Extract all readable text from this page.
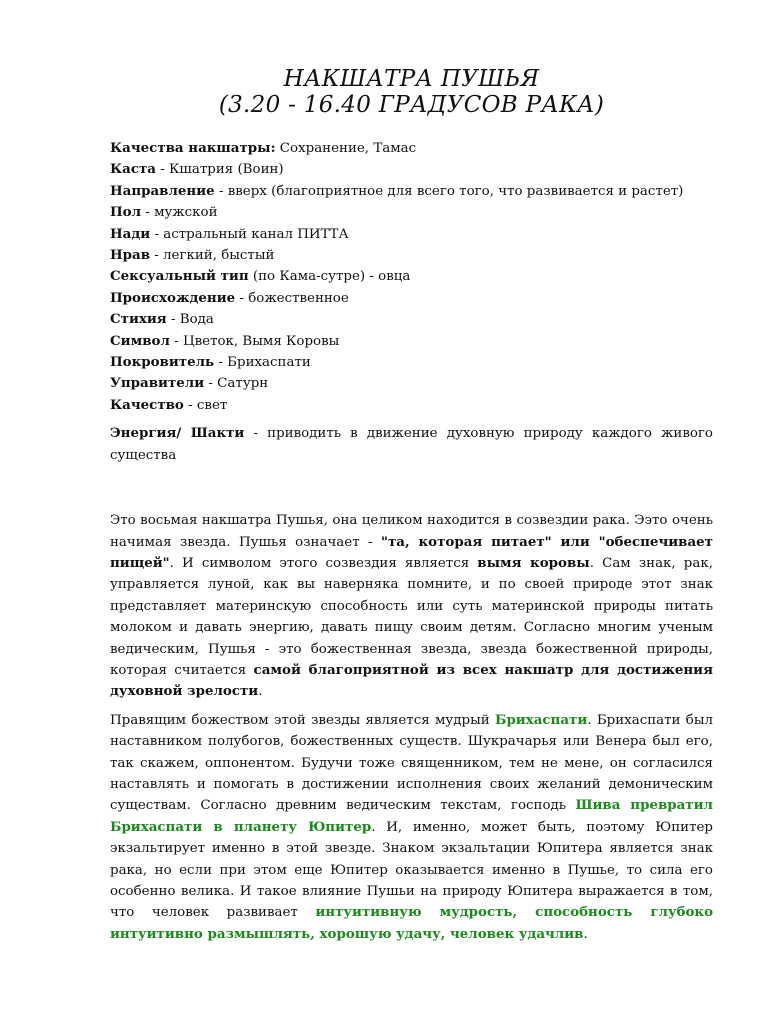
НАКШАТРА ПУШЬЯ
(3.20 - 16.40 ГРАДУСОВ РАКА)
Качества накшатры: Сохранение, Тамас
Каста - Кшатрия (Воин)
Направление - вверх (благоприятное для всего того, что развивается и растет)
Пол - мужской
Нади - астральный канал ПИТТА
Нрав - легкий, быстый
Сексуальный тип (по Кама-сутре) - овца
Происхождение - божественное
Стихия - Вода
Символ - Цветок, Вымя Коровы
Покровитель - Брихаспати
Управители - Сатурн
Качество - свет
Энергия/ Шакти - приводить в движение духовную природу каждого живого существа

Это восьмая накшатра Пушья, она целиком находится в созвездии рака. Ээто очень начимая звезда. Пушья означает - "та, которая питает" или "обеспечивает пищей". И символом этого созвездия является вымя коровы. Сам знак, рак, управляется луной, как вы наверняка помните, и по своей природе этот знак представляет материнскую способность или суть материнской природы питать молоком и давать энергию, давать пищу своим детям. Согласно многим ученым ведическим, Пушья - это божественная звезда, звезда божественной природы, которая считается самой благоприятной из всех накшатр для достижения духовной зрелости.

Правящим божеством этой звезды является мудрый Брихаспати. Брихаспати был наставником полубогов, божественных существ. Шукрачарья или Венера был его, так скажем, оппонентом. Будучи тоже священником, тем не мене, он согласился наставлять и помогать в достижении исполнения своих желаний демоническим существам. Согласно древним ведическим текстам, господь Шива превратил Брихаспати в планету Юпитер. И, именно, может быть, поэтому Юпитер экзальтирует именно в этой звезде. Знаком экзальтации Юпитера является знак рака, но если при этом еще Юпитер оказывается именно в Пушье, то сила его особенно велика. И такое влияние Пушьи на природу Юпитера выражается в том, что человек развивает интуитивную мудрость, способность глубоко интуитивно размышлять, хорошую удачу, человек удачлив.
